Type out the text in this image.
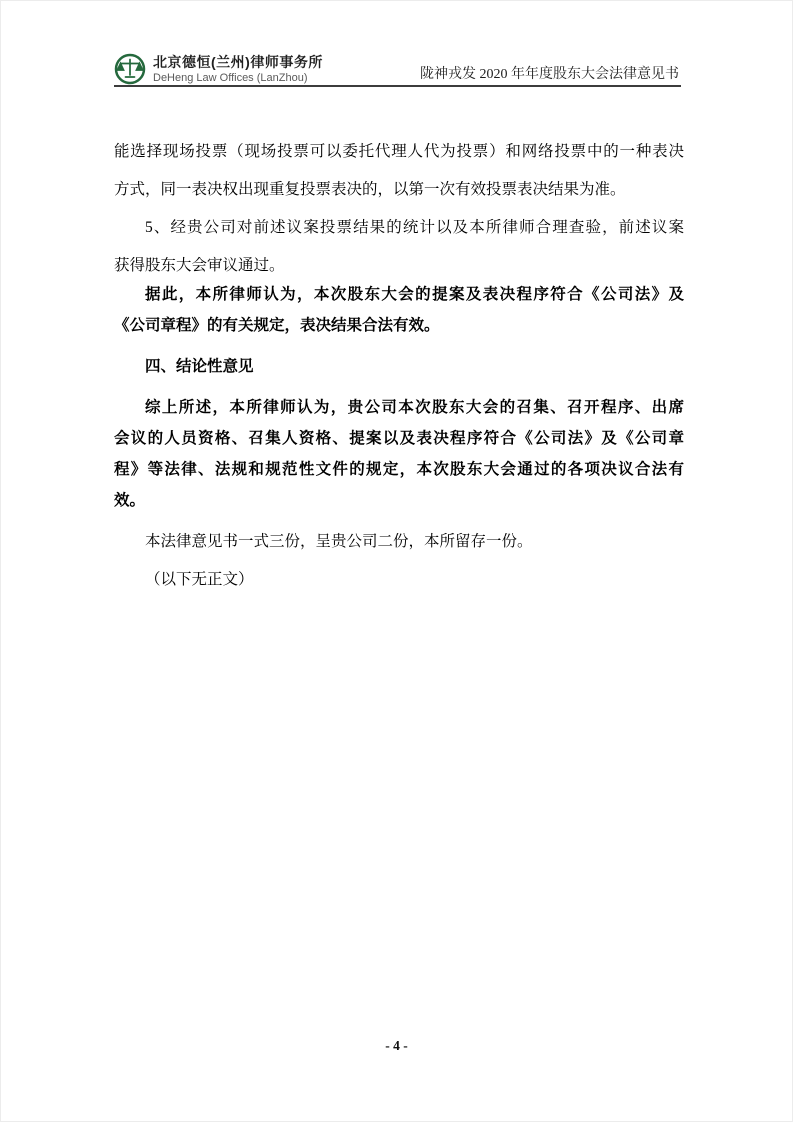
北京德恒(兰州)律师事务所
DeHeng Law Offices (LanZhou)	陇神戎发 2020 年年度股东大会法律意见书
能选择现场投票（现场投票可以委托代理人代为投票）和网络投票中的一种表决
方式，同一表决权出现重复投票表决的，以第一次有效投票表决结果为准。
5、经贵公司对前述议案投票结果的统计以及本所律师合理查验，前述议案
获得股东大会审议通过。
据此，本所律师认为，本次股东大会的提案及表决程序符合《公司法》及
《公司章程》的有关规定，表决结果合法有效。
四、结论性意见
综上所述，本所律师认为，贵公司本次股东大会的召集、召开程序、出席
会议的人员资格、召集人资格、提案以及表决程序符合《公司法》及《公司章
程》等法律、法规和规范性文件的规定，本次股东大会通过的各项决议合法有
效。
本法律意见书一式三份，呈贵公司二份，本所留存一份。
（以下无正文）
- 4 -
